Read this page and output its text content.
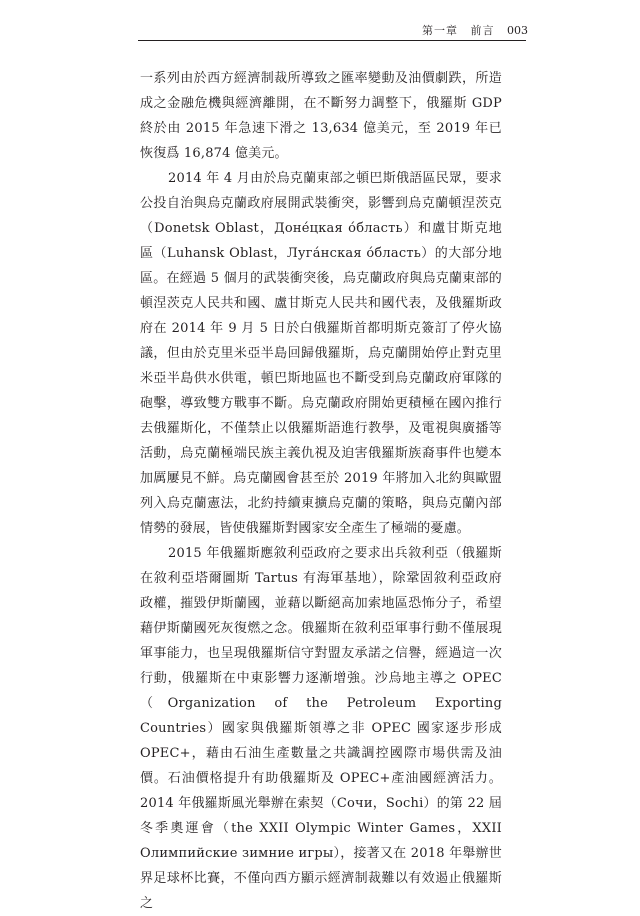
第一章 前言 003

一系列由於西方經濟制裁所導致之匯率變動及油價劇跌，所造成之金融危機與經濟離開，在不斷努力調整下，俄羅斯 GDP 終於由 2015 年急速下滑之 13,634 億美元，至 2019 年已恢復爲 16,874 億美元。

2014 年 4 月由於烏克蘭東部之頓巴斯俄語區民眾，要求公投自治與烏克蘭政府展開武裝衝突，影響到烏克蘭頓涅茨克（Donetsk Oblast，Доне́цкая о́бласть）和盧甘斯克地區（Luhansk Oblast，Луга́нская о́бласть）的大部分地區。在經過 5 個月的武裝衝突後，烏克蘭政府與烏克蘭東部的頓涅茨克人民共和國、盧甘斯克人民共和國代表，及俄羅斯政府在 2014 年 9 月 5 日於白俄羅斯首都明斯克簽訂了停火協議，但由於克里米亞半島回歸俄羅斯，烏克蘭開始停止對克里米亞半島供水供電，頓巴斯地區也不斷受到烏克蘭政府軍隊的砲擊，導致雙方戰事不斷。烏克蘭政府開始更積極在國內推行去俄羅斯化，不僅禁止以俄羅斯語進行教學，及電視與廣播等活動，烏克蘭極端民族主義仇視及迫害俄羅斯族裔事件也變本加厲屢見不鮮。烏克蘭國會甚至於 2019 年將加入北約與歐盟列入烏克蘭憲法，北約持續東擴烏克蘭的策略，與烏克蘭內部情勢的發展，皆使俄羅斯對國家安全產生了極端的憂慮。

2015 年俄羅斯應敘利亞政府之要求出兵敘利亞（俄羅斯在敘利亞塔爾圖斯 Tartus 有海軍基地），除鞏固敘利亞政府政權，摧毀伊斯蘭國，並藉以斷絕高加索地區恐怖分子，希望藉伊斯蘭國死灰復燃之念。俄羅斯在敘利亞軍事行動不僅展現軍事能力，也呈現俄羅斯信守對盟友承諾之信譽，經過這一次行動，俄羅斯在中東影響力逐漸增強。沙烏地主導之 OPEC（Organization of the Petroleum Exporting Countries）國家與俄羅斯領導之非 OPEC 國家逐步形成 OPEC+，藉由石油生產數量之共識調控國際市場供需及油價。石油價格提升有助俄羅斯及 OPEC+產油國經濟活力。2014 年俄羅斯風光舉辦在索契（Сочи，Sochi）的第 22 屆冬季奧運會（the XXII Olympic Winter Games，XXII Олимпийские зимние игры），接著又在 2018 年舉辦世界足球杯比賽，不僅向西方顯示經濟制裁難以有效遏止俄羅斯之
